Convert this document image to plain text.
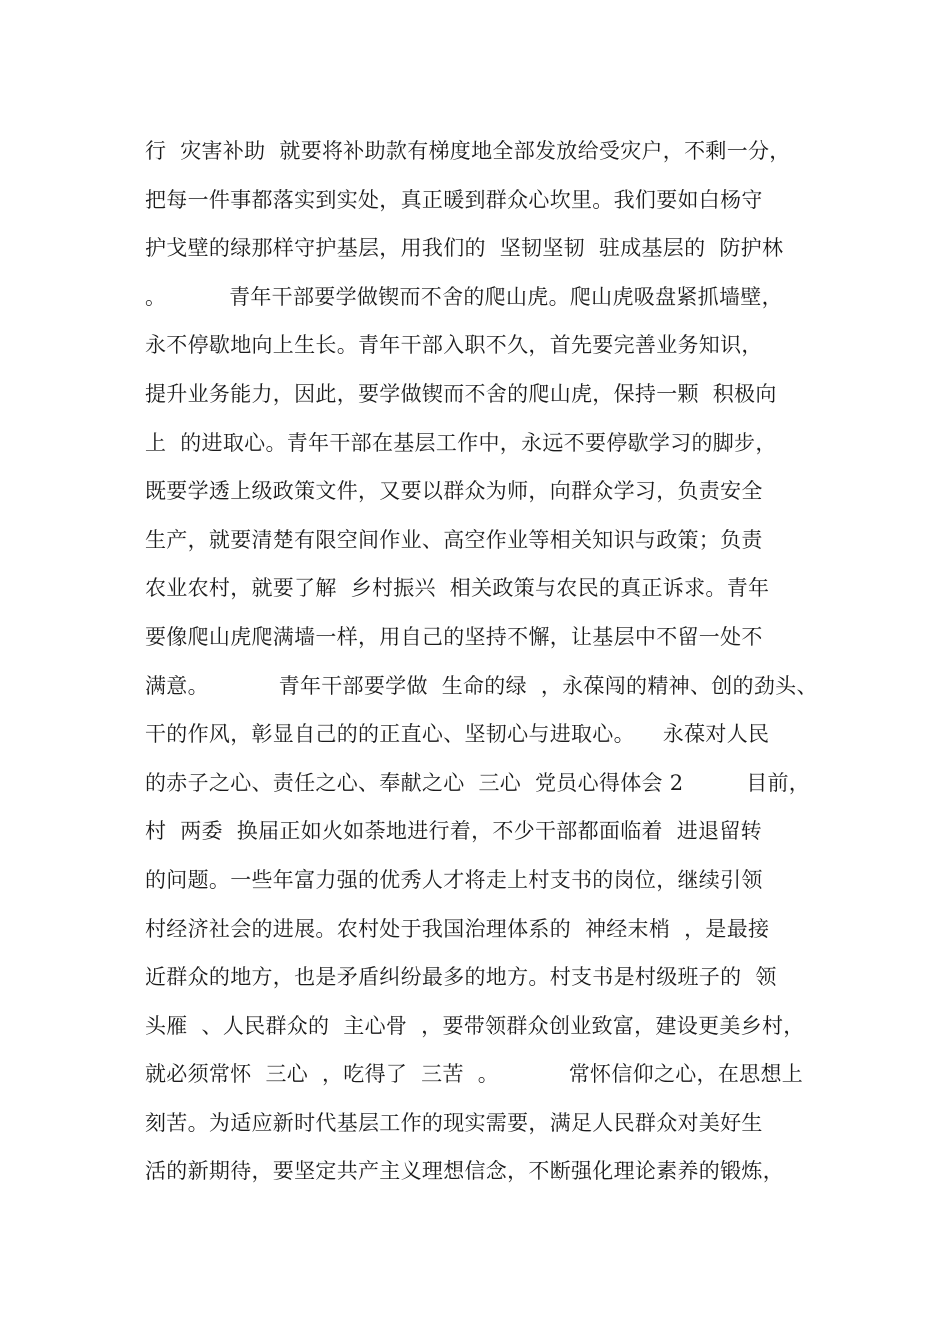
行  灾害补助  就要将补助款有梯度地全部发放给受灾户，不剩一分，
把每一件事都落实到实处，真正暖到群众心坎里。我们要如白杨守
护戈壁的绿那样守护基层，用我们的  坚韧坚韧  驻成基层的  防护林
。         青年干部要学做锲而不舍的爬山虎。爬山虎吸盘紧抓墙壁，
永不停歇地向上生长。青年干部入职不久，首先要完善业务知识，
提升业务能力，因此，要学做锲而不舍的爬山虎，保持一颗  积极向
上  的进取心。青年干部在基层工作中，永远不要停歇学习的脚步，
既要学透上级政策文件，又要以群众为师，向群众学习，负责安全
生产，就要清楚有限空间作业、高空作业等相关知识与政策；负责
农业农村，就要了解  乡村振兴  相关政策与农民的真正诉求。青年
要像爬山虎爬满墙一样，用自己的坚持不懈，让基层中不留一处不
满意。          青年干部要学做  生命的绿  ，永葆闯的精神、创的劲头、
干的作风，彰显自己的的正直心、坚韧心与进取心。    永葆对人民
的赤子之心、责任之心、奉献之心  三心  党员心得体会 2         目前，
村  两委  换届正如火如荼地进行着，不少干部都面临着  进退留转
的问题。一些年富力强的优秀人才将走上村支书的岗位，继续引领
村经济社会的进展。农村处于我国治理体系的  神经末梢  ，是最接
近群众的地方，也是矛盾纠纷最多的地方。村支书是村级班子的  领
头雁  、人民群众的  主心骨  ，要带领群众创业致富，建设更美乡村，
就必须常怀  三心  ，吃得了  三苦  。          常怀信仰之心，在思想上
刻苦。为适应新时代基层工作的现实需要，满足人民群众对美好生
活的新期待，要坚定共产主义理想信念，不断强化理论素养的锻炼，
